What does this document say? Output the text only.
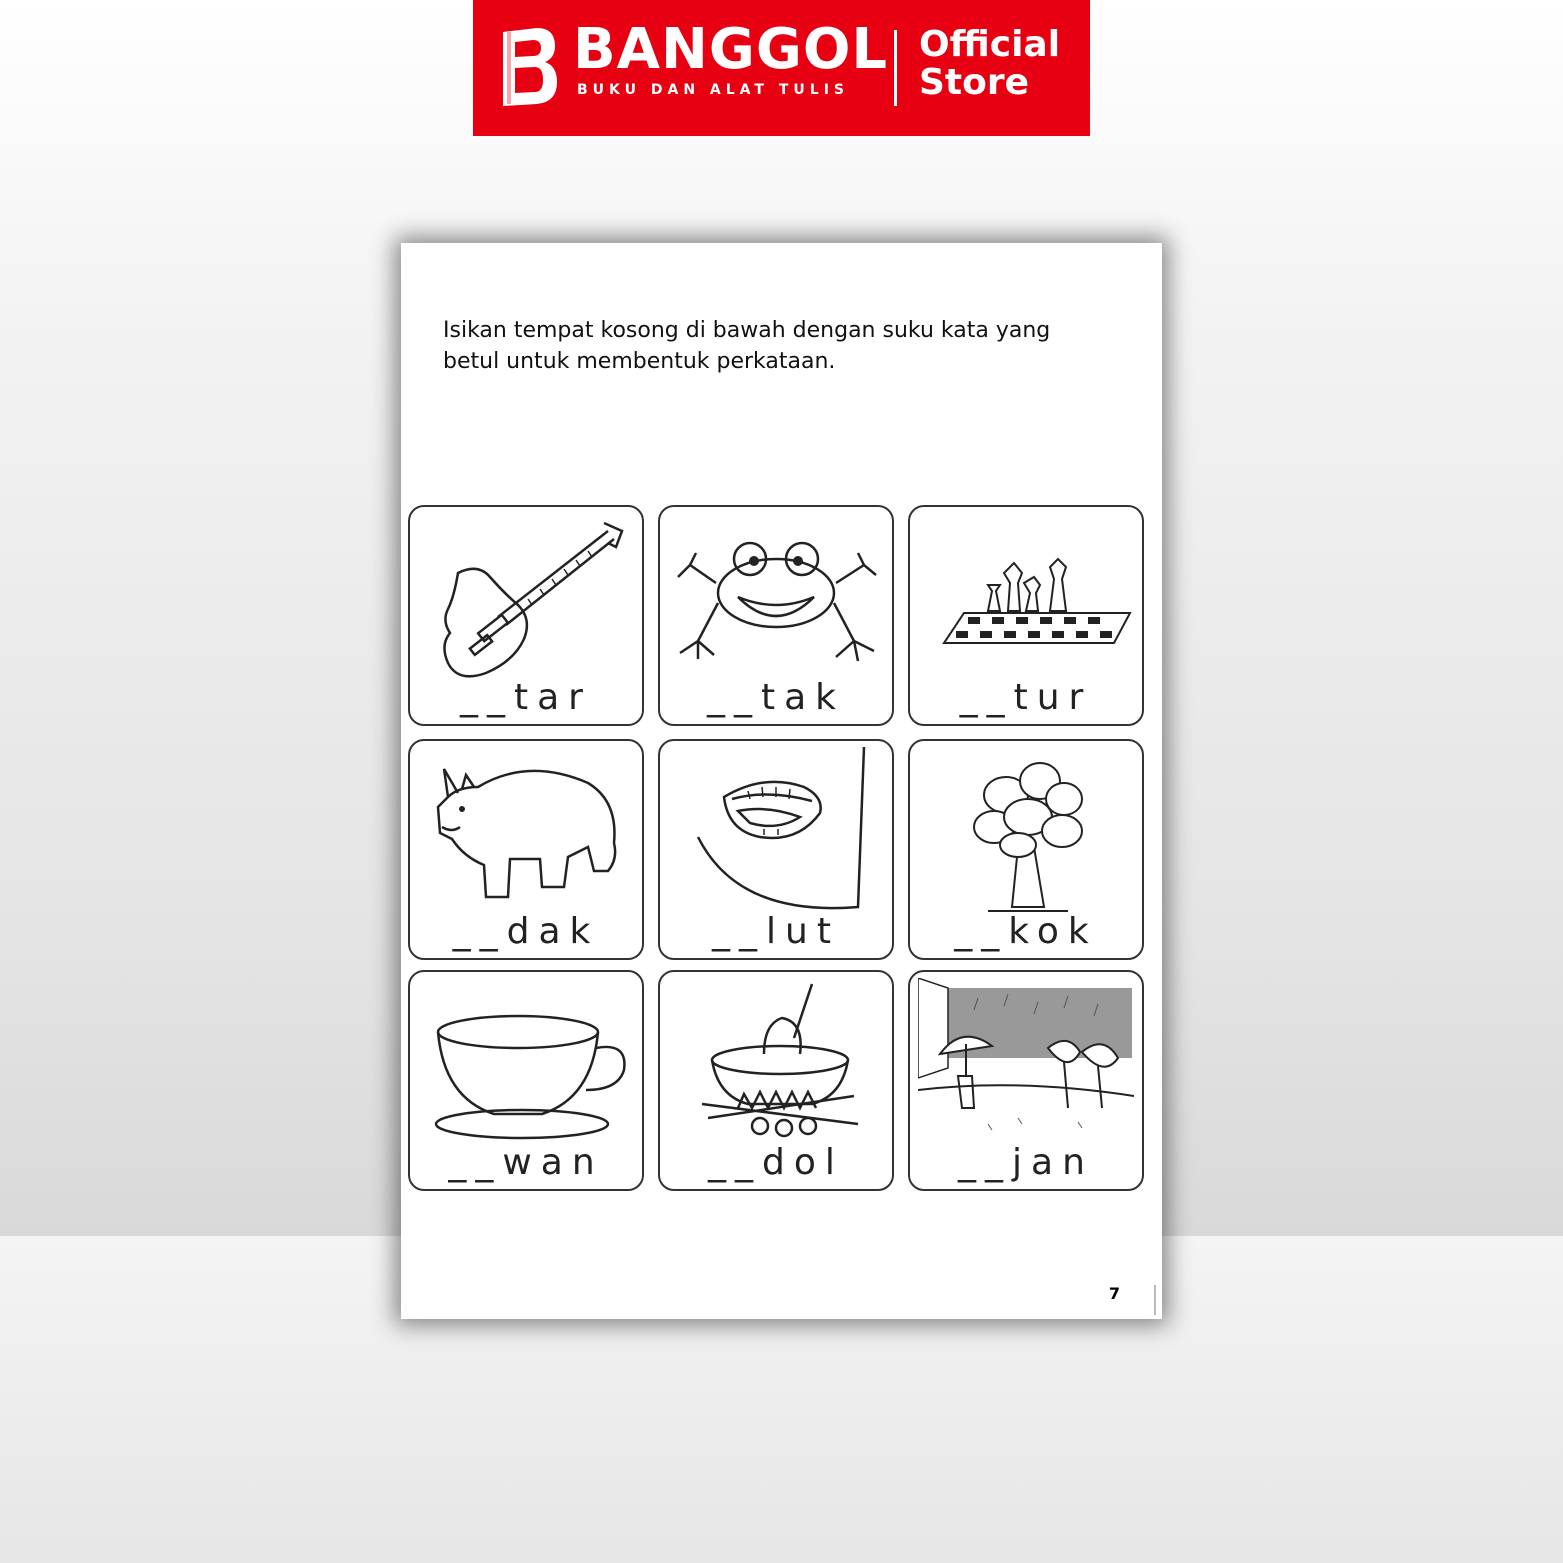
BANGGOL
BUKU DAN ALAT TULIS
Official
Store
Isikan tempat kosong di bawah dengan suku kata yang
betul untuk membentuk perkataan.
__tar	__tak	__tur
__dak	__lut	__kok
__wan	__dol	__jan
7
